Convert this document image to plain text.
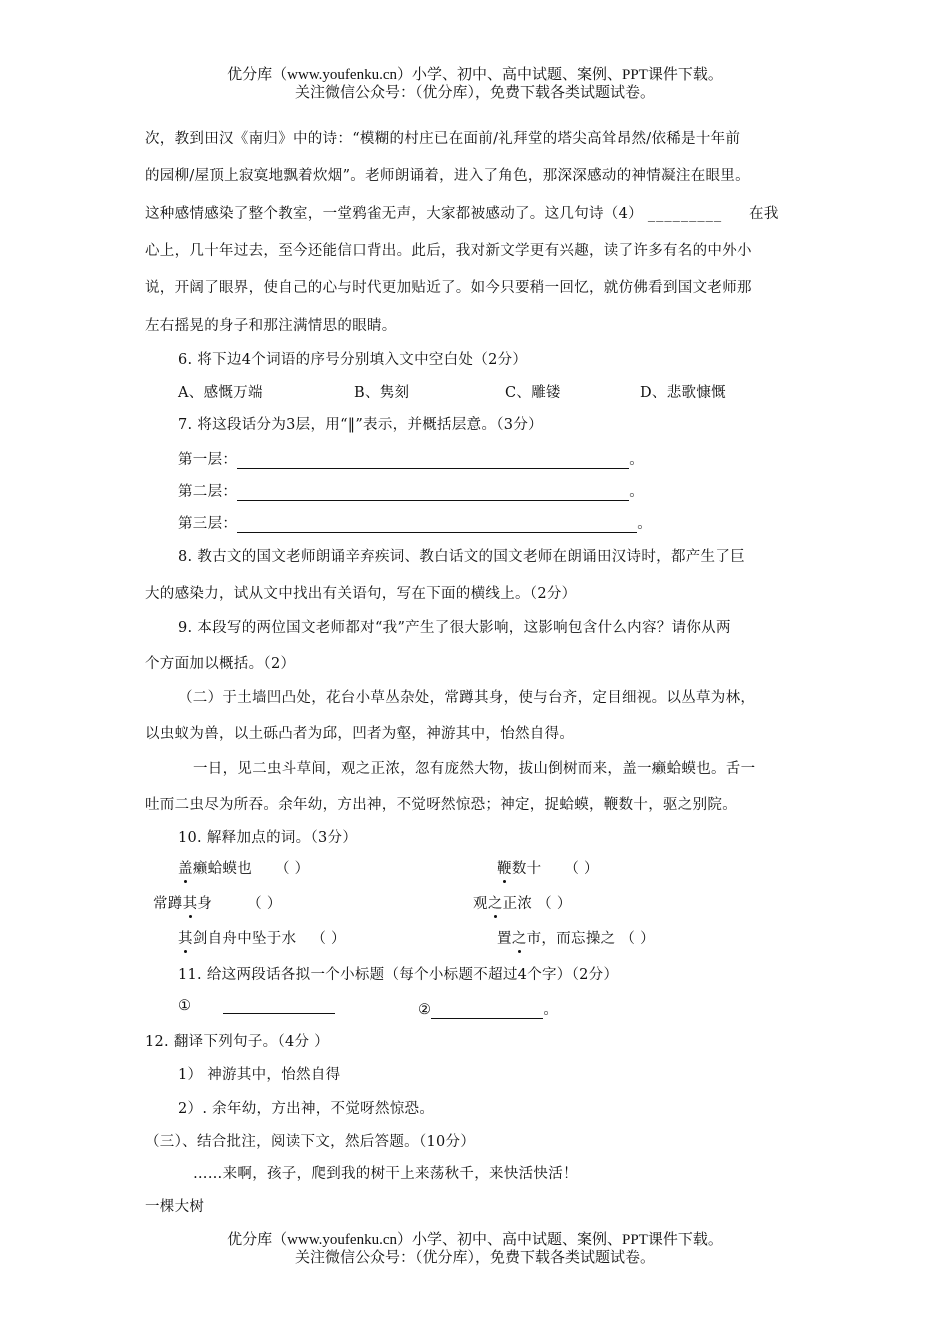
优分库（www.youfenku.cn）小学、初中、高中试题、案例、PPT课件下载。
关注微信公众号：（优分库），免费下载各类试题试卷。
次，教到田汉《南归》中的诗：“模糊的村庄已在面前/礼拜堂的塔尖高耸昂然/依稀是十年前
的园柳/屋顶上寂寞地飘着炊烟”。老师朗诵着，进入了角色，那深深感动的神情凝注在眼里。
这种感情感染了整个教室，一堂鸦雀无声，大家都被感动了。这几句诗（4） _________ 在我
心上，几十年过去，至今还能信口背出。此后，我对新文学更有兴趣，读了许多有名的中外小
说，开阔了眼界，使自己的心与时代更加贴近了。如今只要稍一回忆，就仿佛看到国文老师那
左右摇晃的身子和那注满情思的眼睛。
6. 将下边4个词语的序号分别填入文中空白处（2分）
A、感慨万端	B、隽刻	C、雕镂	D、悲歌慷慨
7. 将这段话分为3层，用“‖”表示，并概括层意。（3分）
第一层：	。
第二层：	。
第三层：	。
8. 教古文的国文老师朗诵辛弃疾词、教白话文的国文老师在朗诵田汉诗时，都产生了巨
大的感染力，试从文中找出有关语句，写在下面的横线上。（2分）
9. 本段写的两位国文老师都对“我”产生了很大影响，这影响包含什么内容？请你从两
个方面加以概括。（2）
（二）于土墙凹凸处，花台小草丛杂处，常蹲其身，使与台齐，定目细视。以丛草为林，
以虫蚁为兽，以土砾凸者为邱，凹者为壑，神游其中，怡然自得。
一日，见二虫斗草间，观之正浓，忽有庞然大物，拔山倒树而来，盖一癞蛤蟆也。舌一
吐而二虫尽为所吞。余年幼，方出神，不觉呀然惊恐；神定，捉蛤蟆，鞭数十，驱之别院。
10. 解释加点的词。（3分）
盖癞蛤蟆也 （ ）	鞭数十 （ ）
常蹲其身 （ ）	观之正浓 （ ）
其剑自舟中坠于水 （ ）	置之市，而忘操之 （ ）
11. 给这两段话各拟一个小标题（每个小标题不超过4个字）（2分）
①	②	。
12. 翻译下列句子。（4分 ）
1） 神游其中，怡然自得
2）. 余年幼，方出神，不觉呀然惊恐。
（三）、结合批注，阅读下文，然后答题。（10分）
……来啊，孩子，爬到我的树干上来荡秋千，来快活快活！
一棵大树
优分库（www.youfenku.cn）小学、初中、高中试题、案例、PPT课件下载。
关注微信公众号：（优分库），免费下载各类试题试卷。
